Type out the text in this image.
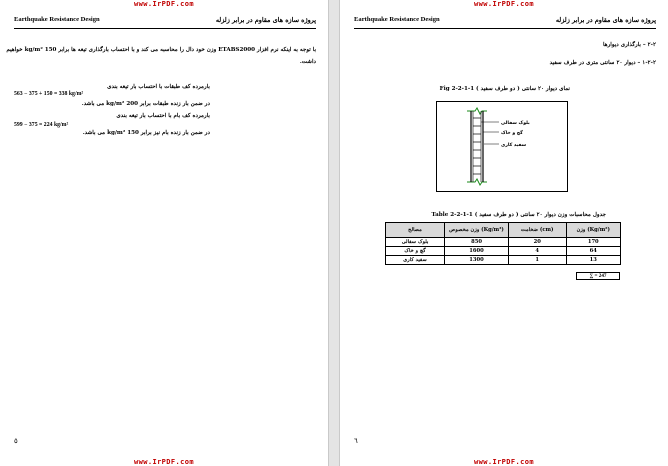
www.IrPDF.com
Earthquake Resistance Design	پروژه سازه های مقاوم در برابر زلزله
با توجه به اینکه نرم افزار ETABS2000 وزن خود دال را محاسبه می کند و با احتساب بارگذاری تیغه ها برابر 150 kg/m² خواهیم
داشت.
بارمرده کف طبقات با احتساب بار تیغه بندی
563 − 375 + 150 = 338 kg/m²
در ضمن بار زنده طبقات برابر 200 kg/m² می باشد.
بارمرده کف بام با احتساب بار تیغه بندی
599 − 375 = 224 kg/m²
در ضمن بار زنده بام نیز برابر 150 kg/m² می باشد.
٥
www.IrPDF.com
www.IrPDF.com
Earthquake Resistance Design	پروژه سازه های مقاوم در برابر زلزله
٢-٢ – بارگذاری دیوارها
٢-٢-١ – دیوار ٢٠ سانتی متری در طرف سفید
نمای دیوار ٢٠ سانتی ( دو طرف سفید ) Fig 2-2-1-1
بلوک سفالی
گچ و خاک
سفید کاری
جدول محاسبات وزن دیوار ٢٠ سانتی ( دو طرف سفید ) Table 2-2-1-1
مصالح	وزن مخصوص (Kg/m³)	ضخامت (cm)	وزن (Kg/m²)
بلوک سفالی	850	20	170
گچ و خاک	1600	4	64
سفید کاری	1300	1	13
∑ = 247
٦
www.IrPDF.com
